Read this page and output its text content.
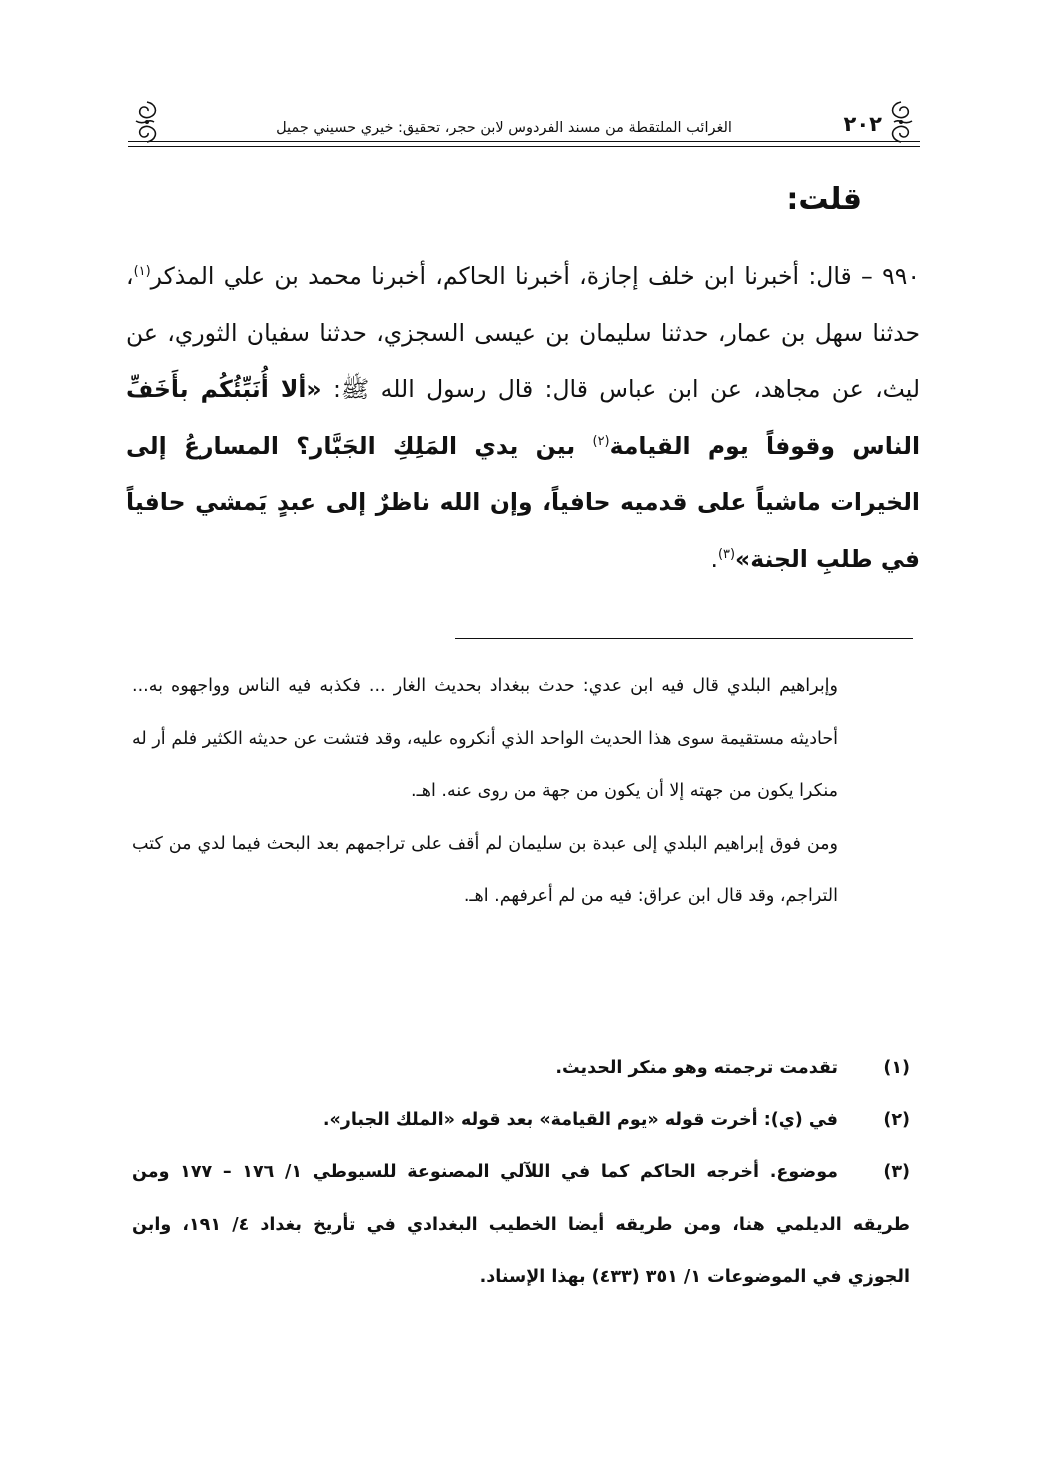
٢٠٢
الغرائب الملتقطة من مسند الفردوس لابن حجر، تحقيق: خيري حسيني جميل
قلت:
٩٩٠ – قال: أخبرنا ابن خلف إجازة، أخبرنا الحاكم، أخبرنا محمد بن علي المذكر$^{(١)}$، حدثنا سهل بن عمار، حدثنا سليمان بن عيسى السجزي، حدثنا سفيان الثوري، عن ليث، عن مجاهد، عن ابن عباس قال: قال رسول الله ﷺ: «ألا أُنَبِّئُكُم بأَخَفِّ الناس وقوفاً يوم القيامة$^{(٢)}$ بين يدي المَلِكِ الجَبَّار؟ المسارعُ إلى الخيرات ماشياً على قدميه حافياً، وإن الله ناظرٌ إلى عبدٍ يَمشي حافياً في طلبِ الجنة»$^{(٣)}$.

وإبراهيم البلدي قال فيه ابن عدي: حدث ببغداد بحديث الغار ... فكذبه فيه الناس وواجهوه به... أحاديثه مستقيمة سوى هذا الحديث الواحد الذي أنكروه عليه، وقد فتشت عن حديثه الكثير فلم أر له منكرا يكون من جهته إلا أن يكون من جهة من روى عنه. اهـ.

ومن فوق إبراهيم البلدي إلى عبدة بن سليمان لم أقف على تراجمهم بعد البحث فيما لدي من كتب التراجم، وقد قال ابن عراق: فيه من لم أعرفهم. اهـ.

(١)
تقدمت ترجمته وهو منكر الحديث.
(٢)
في (ي): أخرت قوله «يوم القيامة» بعد قوله «الملك الجبار».
(٣)
موضوع. أخرجه الحاكم كما في اللآلي المصنوعة للسيوطي ١/ ١٧٦ – ١٧٧ ومن طريقه الديلمي هنا، ومن طريقه أيضا الخطيب البغدادي في تأريخ بغداد ٤/ ١٩١، وابن الجوزي في الموضوعات ١/ ٣٥١ (٤٣٣) بهذا الإسناد.
